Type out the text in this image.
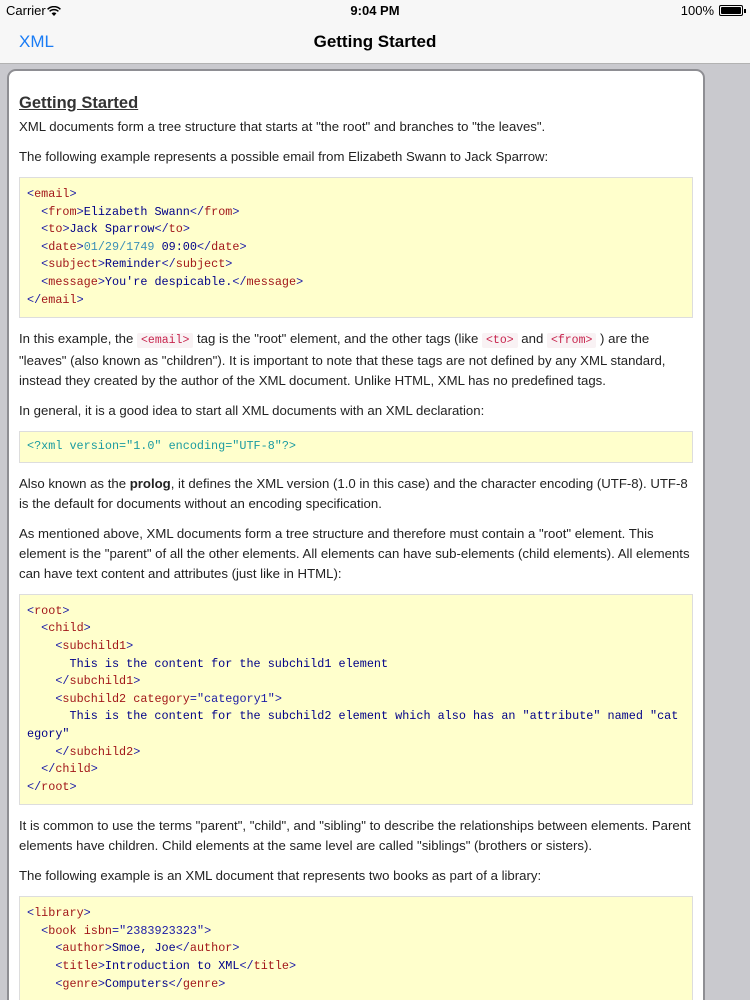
Carrier	9:04 PM	100%
XML	Getting Started
Getting Started

XML documents form a tree structure that starts at "the root" and branches to "the leaves".

The following example represents a possible email from Elizabeth Swann to Jack Sparrow:

<email>
<from>Elizabeth Swann</from>
<to>Jack Sparrow</to>
<date>01/29/1749 09:00</date>
<subject>Reminder</subject>
<message>You're despicable.</message>
</email>

In this example, the <email> tag is the "root" element, and the other tags (like <to> and <from> ) are the "leaves" (also known as "children"). It is important to note that these tags are not defined by any XML standard, instead they created by the author of the XML document. Unlike HTML, XML has no predefined tags.

In general, it is a good idea to start all XML documents with an XML declaration:

<?xml version="1.0" encoding="UTF-8"?>

Also known as the prolog, it defines the XML version (1.0 in this case) and the character encoding (UTF-8). UTF-8 is the default for documents without an encoding specification.

As mentioned above, XML documents form a tree structure and therefore must contain a "root" element. This element is the "parent" of all the other elements. All elements can have sub-elements (child elements). All elements can have text content and attributes (just like in HTML):

<root>
<child>
<subchild1>
This is the content for the subchild1 element
</subchild1>
<subchild2 category="category1">
This is the content for the subchild2 element which also has an "attribute" named "category"
</subchild2>
</child>
</root>

It is common to use the terms "parent", "child", and "sibling" to describe the relationships between elements. Parent elements have children. Child elements at the same level are called "siblings" (brothers or sisters).

The following example is an XML document that represents two books as part of a library:

<library>
<book isbn="2383923323">
<author>Smoe, Joe</author>
<title>Introduction to XML</title>
<genre>Computers</genre>
